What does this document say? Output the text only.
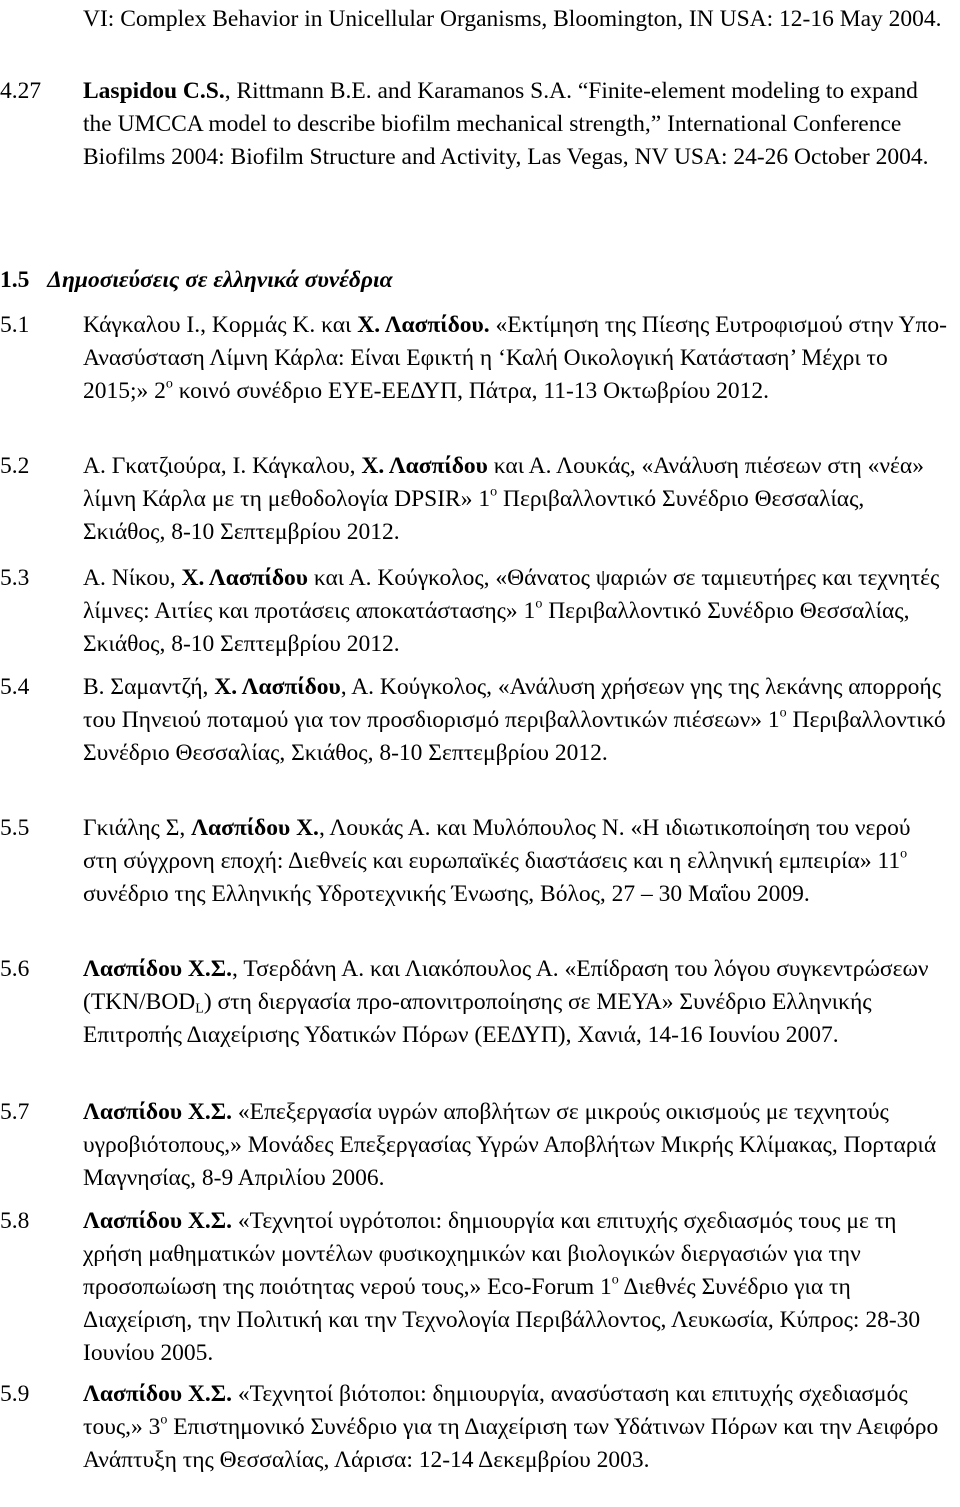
VI: Complex Behavior in Unicellular Organisms, Bloomington, IN USA: 12-16 May 2004.
4.27 Laspidou C.S., Rittmann B.E. and Karamanos S.A. “Finite-element modeling to expand the UMCCA model to describe biofilm mechanical strength,” International Conference Biofilms 2004: Biofilm Structure and Activity, Las Vegas, NV USA: 24-26 October 2004.
1.5 Δημοσιεύσεις σε ελληνικά συνέδρια
5.1 Κάγκαλου Ι., Κορμάς Κ. και Χ. Λασπίδου. «Εκτίμηση της Πίεσης Ευτροφισμού στην Υπο-Ανασύσταση Λίμνη Κάρλα: Είναι Εφικτή η ‘Καλή Οικολογική Κατάσταση’ Μέχρι το 2015;» $2^o$ κοινό συνέδριο ΕΥΕ-ΕΕΔΥΠ, Πάτρα, 11-13 Οκτωβρίου 2012.
5.2 Α. Γκατζιούρα, Ι. Κάγκαλου, Χ. Λασπίδου και Α. Λουκάς, «Ανάλυση πιέσεων στη «νέα» λίμνη Κάρλα με τη μεθοδολογία DPSIR» $1^o$ Περιβαλλοντικό Συνέδριο Θεσσαλίας, Σκιάθος, 8-10 Σεπτεμβρίου 2012.
5.3 Α. Νίκου, Χ. Λασπίδου και Α. Κούγκολος, «Θάνατος ψαριών σε ταμιευτήρες και τεχνητές λίμνες: Αιτίες και προτάσεις αποκατάστασης» $1^o$ Περιβαλλοντικό Συνέδριο Θεσσαλίας, Σκιάθος, 8-10 Σεπτεμβρίου 2012.
5.4 Β. Σαμαντζή, Χ. Λασπίδου, Α. Κούγκολος, «Ανάλυση χρήσεων γης της λεκάνης απορροής του Πηνειού ποταμού για τον προσδιορισμό περιβαλλοντικών πιέσεων» $1^o$ Περιβαλλοντικό Συνέδριο Θεσσαλίας, Σκιάθος, 8-10 Σεπτεμβρίου 2012.
5.5 Γκιάλης Σ, Λασπίδου Χ., Λουκάς Α. και Μυλόπουλος Ν. «Η ιδιωτικοποίηση του νερού στη σύγχρονη εποχή: Διεθνείς και ευρωπαϊκές διαστάσεις και η ελληνική εμπειρία» $11^o$ συνέδριο της Ελληνικής Υδροτεχνικής Ένωσης, Βόλος, 27 – 30 Μαΐου 2009.
5.6 Λασπίδου Χ.Σ., Τσερδάνη Α. και Λιακόπουλος Α. «Επίδραση του λόγου συγκεντρώσεων $(TKN/BOD_L)$ στη διεργασία προ-απονιτροποίησης σε ΜΕΥΑ» Συνέδριο Ελληνικής Επιτροπής Διαχείρισης Υδατικών Πόρων (ΕΕΔΥΠ), Χανιά, 14-16 Ιουνίου 2007.
5.7 Λασπίδου Χ.Σ. «Επεξεργασία υγρών αποβλήτων σε μικρούς οικισμούς με τεχνητούς υγροβιότοπους,» Μονάδες Επεξεργασίας Υγρών Αποβλήτων Μικρής Κλίμακας, Πορταριά Μαγνησίας, 8-9 Απριλίου 2006.
5.8 Λασπίδου Χ.Σ. «Τεχνητοί υγρότοποι: δημιουργία και επιτυχής σχεδιασμός τους με τη χρήση μαθηματικών μοντέλων φυσικοχημικών και βιολογικών διεργασιών για την προσοπωίωση της ποιότητας νερού τους,» Eco-Forum $1^o$ Διεθνές Συνέδριο για τη Διαχείριση, την Πολιτική και την Τεχνολογία Περιβάλλοντος, Λευκωσία, Κύπρος: 28-30 Ιουνίου 2005.
5.9 Λασπίδου Χ.Σ. «Τεχνητοί βιότοποι: δημιουργία, ανασύσταση και επιτυχής σχεδιασμός τους,» $3^o$ Επιστημονικό Συνέδριο για τη Διαχείριση των Υδάτινων Πόρων και την Αειφόρο Ανάπτυξη της Θεσσαλίας, Λάρισα: 12-14 Δεκεμβρίου 2003.
